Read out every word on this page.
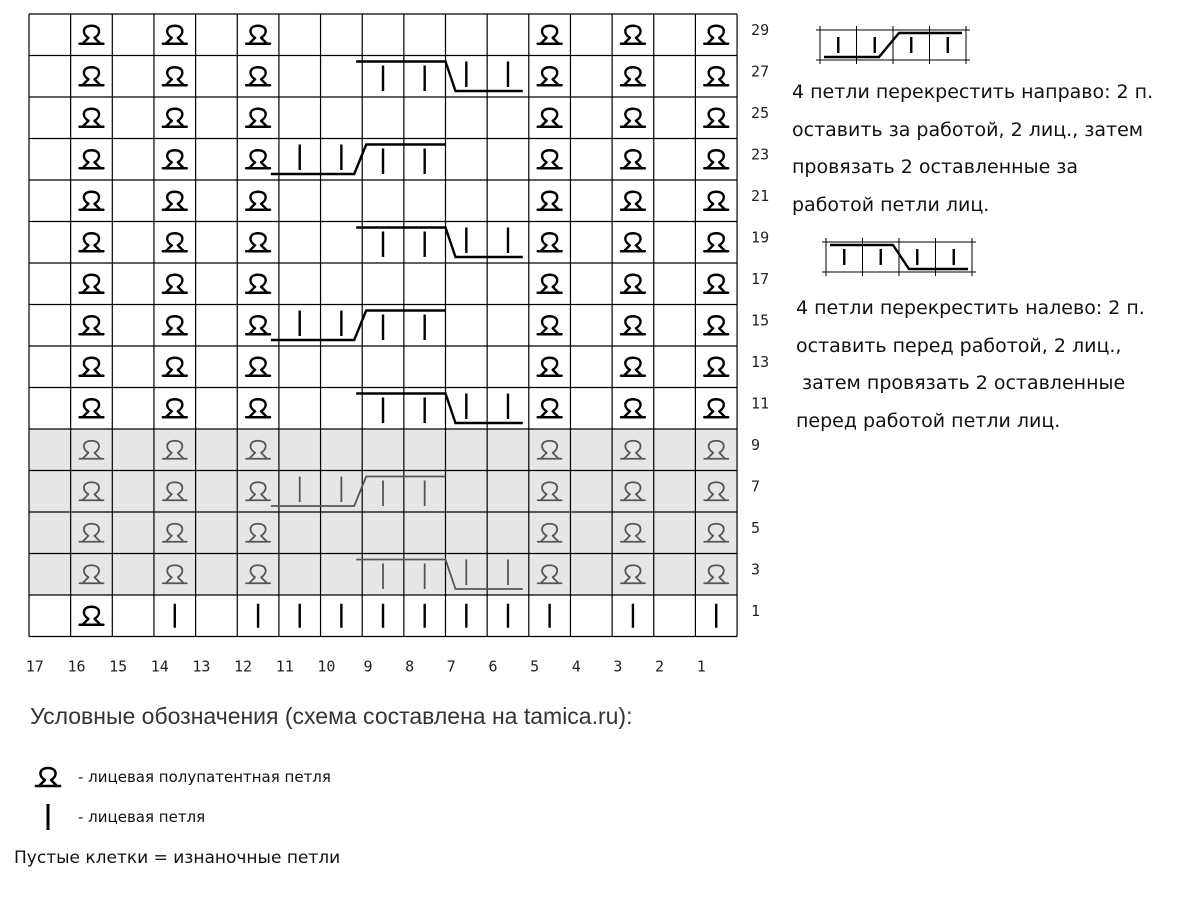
17 16 15 14 13 12 11 10 9 8 7 6 5 4 3 2 1
29
27
25
23
21
19
17
15
13
11
9
7
5
3
1
4 петли перекрестить направо: 2 п.
оставить за работой, 2 лиц., затем
провязать 2 оставленные за
работой петли лиц.
4 петли перекрестить налево: 2 п.
оставить перед работой, 2 лиц.,
затем провязать 2 оставленные
перед работой петли лиц.
Условные обозначения (схема составлена на tamica.ru):
- лицевая полупатентная петля
- лицевая петля
Пустые клетки = изнаночные петли
